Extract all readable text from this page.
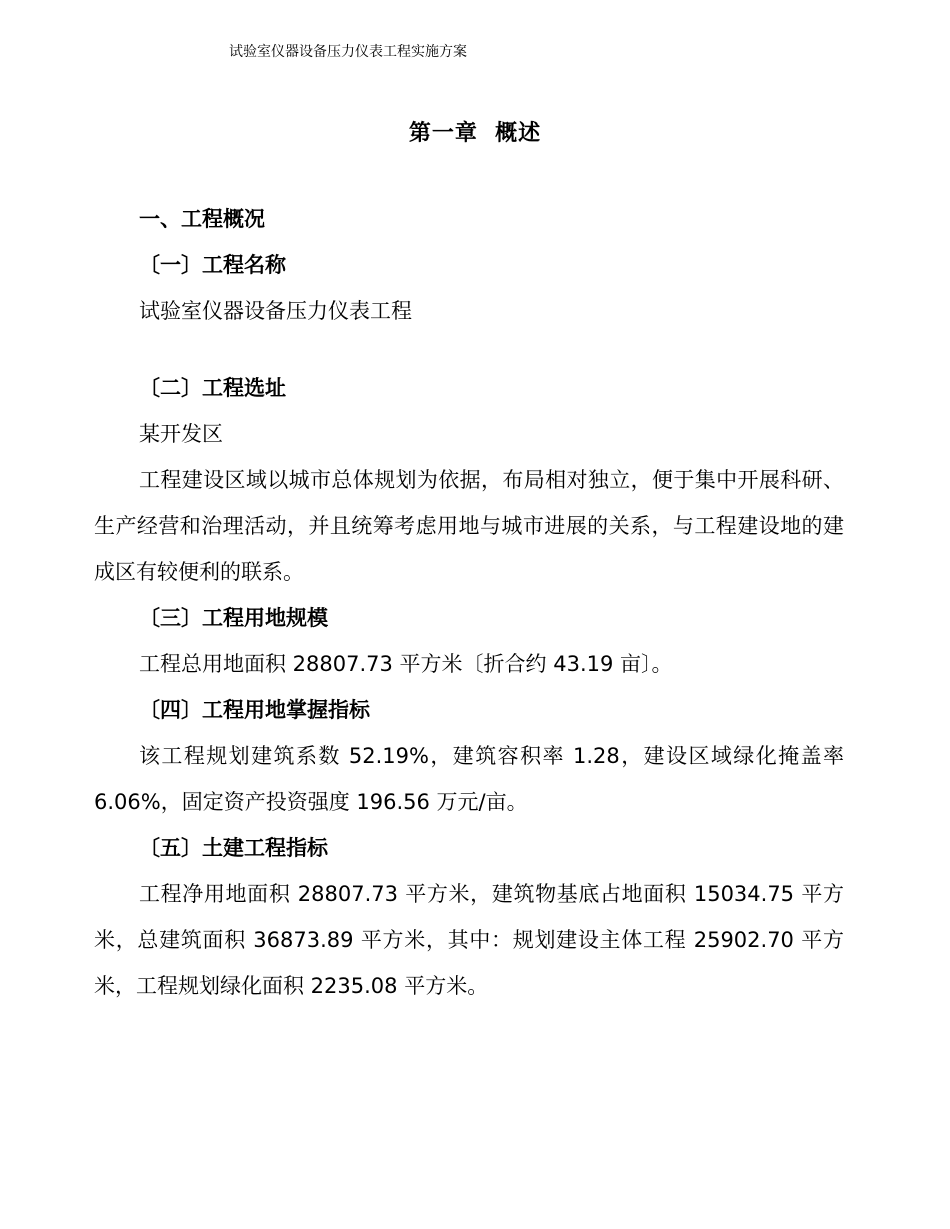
试验室仪器设备压力仪表工程实施方案
第一章  概述

一、工程概况

〔一〕工程名称

试验室仪器设备压力仪表工程

〔二〕工程选址

某开发区

工程建设区域以城市总体规划为依据，布局相对独立，便于集中开展科研、生产经营和治理活动，并且统筹考虑用地与城市进展的关系，与工程建设地的建成区有较便利的联系。

〔三〕工程用地规模

工程总用地面积 28807.73 平方米〔折合约 43.19 亩〕。

〔四〕工程用地掌握指标

该工程规划建筑系数 52.19%，建筑容积率 1.28，建设区域绿化掩盖率6.06%，固定资产投资强度 196.56 万元/亩。

〔五〕土建工程指标

工程净用地面积 28807.73 平方米，建筑物基底占地面积 15034.75 平方米，总建筑面积 36873.89 平方米，其中：规划建设主体工程 25902.70 平方米，工程规划绿化面积 2235.08 平方米。
